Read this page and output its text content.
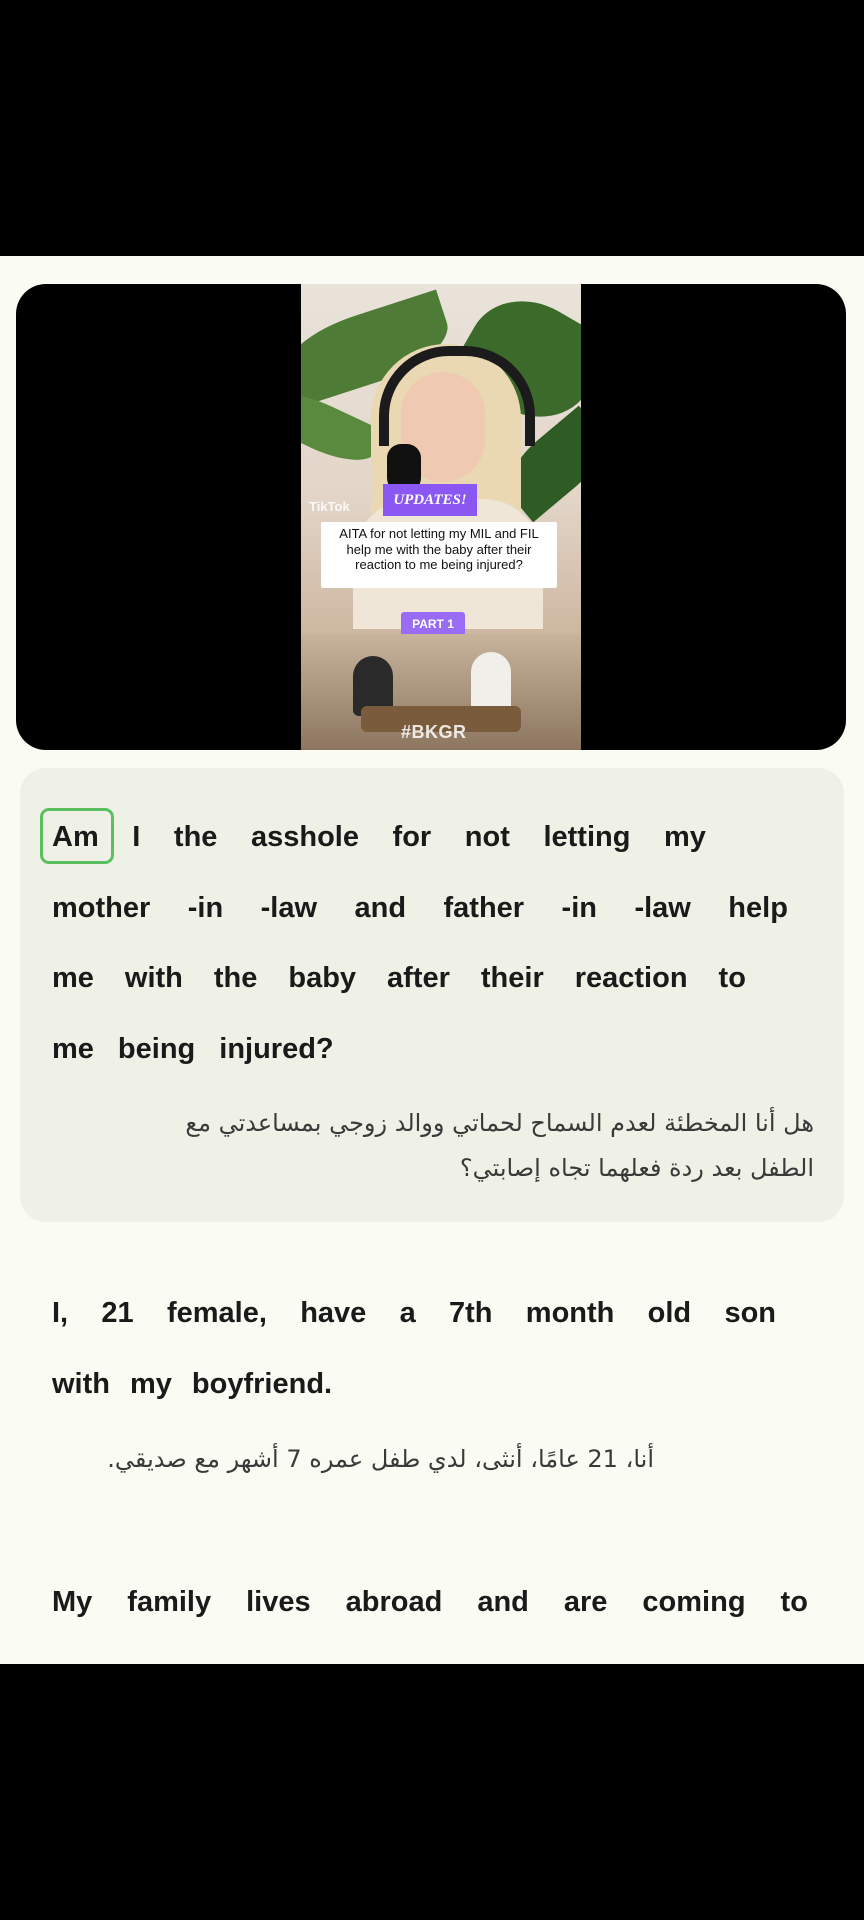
TikTok	UPDATES!
AITA for not letting my MIL and FIL help me with the baby after their reaction to me being injured?
PART 1
#BKGR
Am I the asshole for not letting my
mother -in -law and father -in -law help
me with the baby after their reaction to
me being injured?
هل أنا المخطئة لعدم السماح لحماتي ووالد زوجي بمساعدتي مع
الطفل بعد ردة فعلهما تجاه إصابتي؟
I, 21 female, have a 7th month old son
with my boyfriend.
أنا، 21 عامًا، أنثى، لدي طفل عمره 7 أشهر مع صديقي.
My family lives abroad and are coming to
